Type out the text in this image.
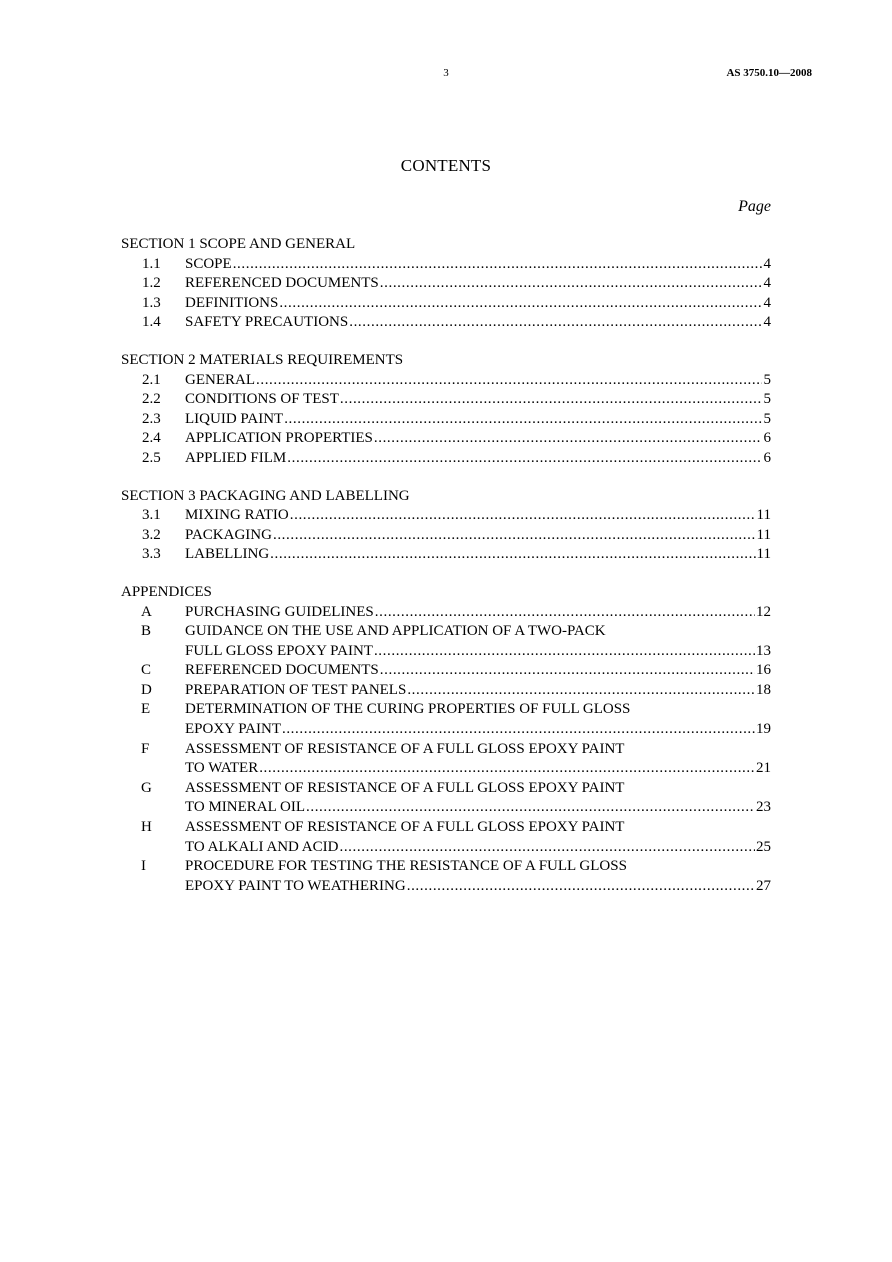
3	AS 3750.10—2008
CONTENTS
Page
SECTION 1 SCOPE AND GENERAL
1.1	SCOPE .....	4
1.2	REFERENCED DOCUMENTS .....	4
1.3	DEFINITIONS .....	4
1.4	SAFETY PRECAUTIONS .....	4
SECTION 2 MATERIALS REQUIREMENTS
2.1	GENERAL .....	5
2.2	CONDITIONS OF TEST .....	5
2.3	LIQUID PAINT .....	5
2.4	APPLICATION PROPERTIES .....	6
2.5	APPLIED FILM .....	6
SECTION 3 PACKAGING AND LABELLING
3.1	MIXING RATIO .....	11
3.2	PACKAGING .....	11
3.3	LABELLING .....	11
APPENDICES
A	PURCHASING GUIDELINES .....	12
B	GUIDANCE ON THE USE AND APPLICATION OF A TWO-PACK
FULL GLOSS EPOXY PAINT .....	13
C	REFERENCED DOCUMENTS .....	16
D	PREPARATION OF TEST PANELS .....	18
E	DETERMINATION OF THE CURING PROPERTIES OF FULL GLOSS
EPOXY PAINT .....	19
F	ASSESSMENT OF RESISTANCE OF A FULL GLOSS EPOXY PAINT
TO WATER .....	21
G	ASSESSMENT OF RESISTANCE OF A FULL GLOSS EPOXY PAINT
TO MINERAL OIL .....	23
H	ASSESSMENT OF RESISTANCE OF A FULL GLOSS EPOXY PAINT
TO ALKALI AND ACID .....	25
I	PROCEDURE FOR TESTING THE RESISTANCE OF A FULL GLOSS
EPOXY PAINT TO WEATHERING .....	27
